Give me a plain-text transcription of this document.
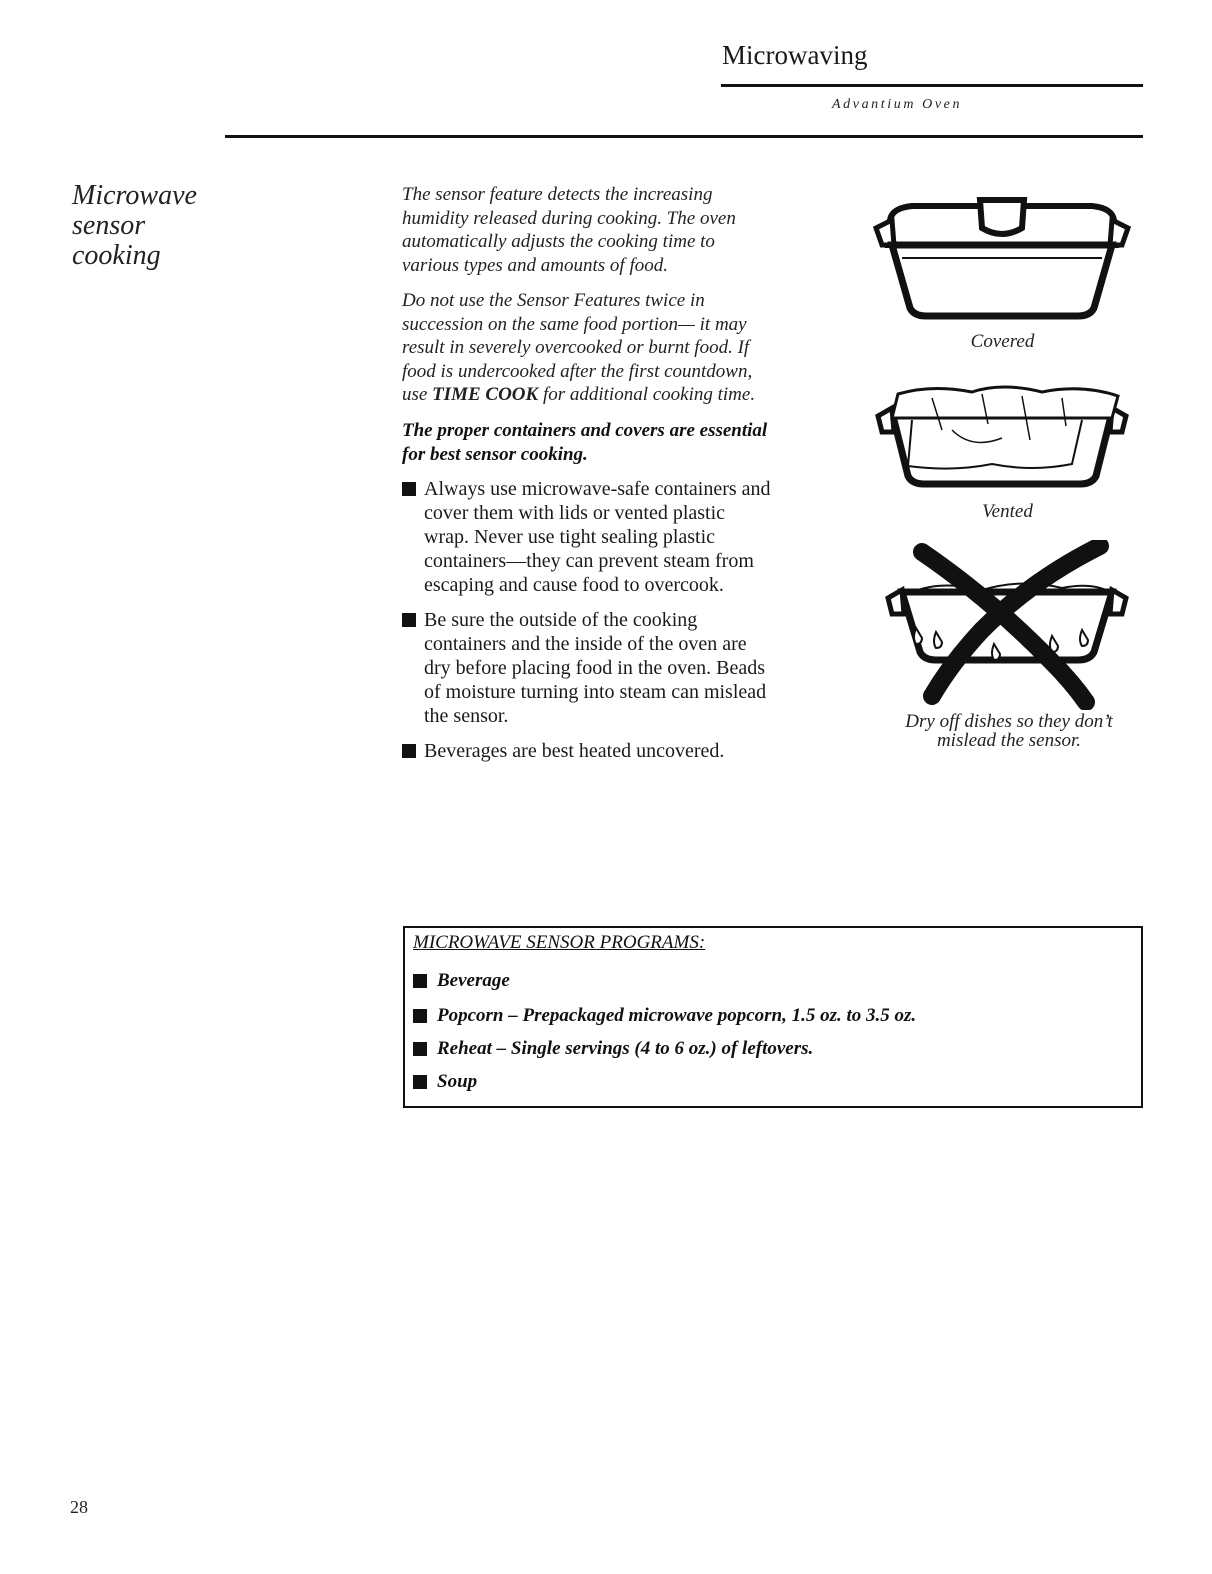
Microwaving
Advantium Oven
Microwave
sensor
cooking

The sensor feature detects the increasing humidity released during cooking. The oven automatically adjusts the cooking time to various types and amounts of food.

Do not use the Sensor Features twice in succession on the same food portion— it may result in severely overcooked or burnt food. If food is undercooked after the first countdown, use TIME COOK for additional cooking time.

The proper containers and covers are essential for best sensor cooking.

Always use microwave-safe containers and cover them with lids or vented plastic wrap. Never use tight sealing plastic containers—they can prevent steam from escaping and cause food to overcook.
Be sure the outside of the cooking containers and the inside of the oven are dry before placing food in the oven. Beads of moisture turning into steam can mislead the sensor.
Beverages are best heated uncovered.
Covered
Vented
Dry off dishes so they don’t
mislead the sensor.
MICROWAVE SENSOR PROGRAMS:
Beverage
Popcorn – Prepackaged microwave popcorn, 1.5 oz. to 3.5 oz.
Reheat – Single servings (4 to 6 oz.) of leftovers.
Soup
28
